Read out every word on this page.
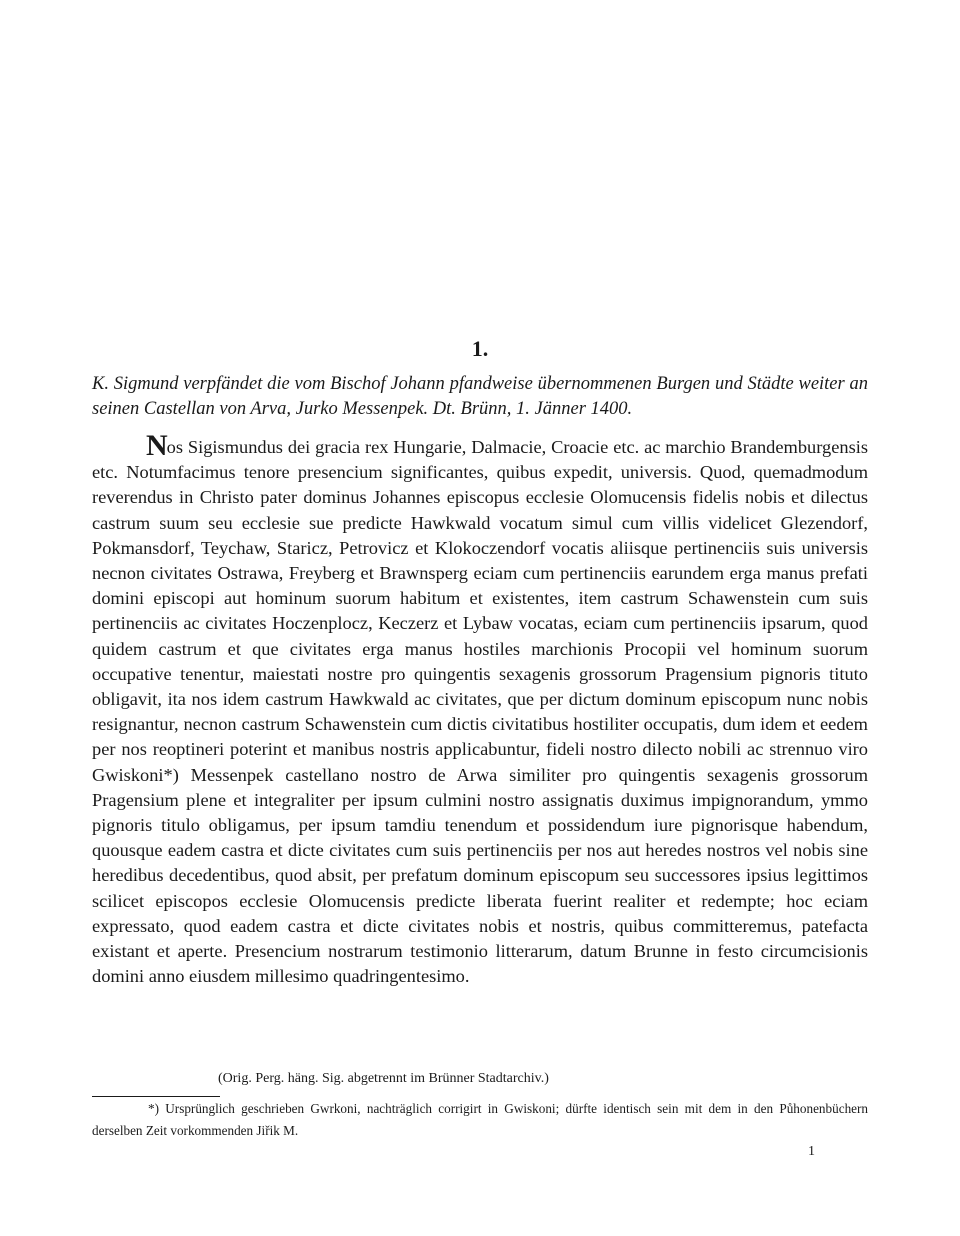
1.
K. Sigmund verpfändet die vom Bischof Johann pfandweise übernommenen Burgen und Städte weiter an seinen Castellan von Arva, Jurko Messenpek. Dt. Brünn, 1. Jänner 1400.

Nos Sigismundus dei gracia rex Hungarie, Dalmacie, Croacie etc. ac marchio Brandemburgensis etc. Notumfacimus tenore presencium significantes, quibus expedit, universis. Quod, quemadmodum reverendus in Christo pater dominus Johannes episcopus ecclesie Olomucensis fidelis nobis et dilectus castrum suum seu ecclesie sue predicte Hawkwald vocatum simul cum villis videlicet Glezendorf, Pokmansdorf, Teychaw, Staricz, Petrovicz et Klokoczendorf vocatis aliisque pertinenciis suis universis necnon civitates Ostrawa, Freyberg et Brawnsperg eciam cum pertinenciis earundem erga manus prefati domini episcopi aut hominum suorum habitum et existentes, item castrum Schawenstein cum suis pertinenciis ac civitates Hoczenplocz, Keczerz et Lybaw vocatas, eciam cum pertinenciis ipsarum, quod quidem castrum et que civitates erga manus hostiles marchionis Procopii vel hominum suorum occupative tenentur, maiestati nostre pro quingentis sexagenis grossorum Pragensium pignoris tituto obligavit, ita nos idem castrum Hawkwald ac civitates, que per dictum dominum episcopum nunc nobis resignantur, necnon castrum Schawenstein cum dictis civitatibus hostiliter occupatis, dum idem et eedem per nos reoptineri poterint et manibus nostris applicabuntur, fideli nostro dilecto nobili ac strennuo viro Gwiskoni*) Messenpek castellano nostro de Arwa similiter pro quingentis sexagenis grossorum Pragensium plene et integraliter per ipsum culmini nostro assignatis duximus impignorandum, ymmo pignoris titulo obligamus, per ipsum tamdiu tenendum et possidendum iure pignorisque habendum, quousque eadem castra et dicte civitates cum suis pertinenciis per nos aut heredes nostros vel nobis sine heredibus decedentibus, quod absit, per prefatum dominum episcopum seu successores ipsius legittimos scilicet episcopos ecclesie Olomucensis predicte liberata fuerint realiter et redempte; hoc eciam expressato, quod eadem castra et dicte civitates nobis et nostris, quibus committeremus, patefacta existant et aperte. Presencium nostrarum testimonio litterarum, datum Brunne in festo circumcisionis domini anno eiusdem millesimo quadringentesimo.

(Orig. Perg. häng. Sig. abgetrennt im Brünner Stadtarchiv.)
*) Ursprünglich geschrieben Gwrkoni, nachträglich corrigirt in Gwiskoni; dürfte identisch sein mit dem in den Půhonenbüchern derselben Zeit vorkommenden Jiřik M.
1
